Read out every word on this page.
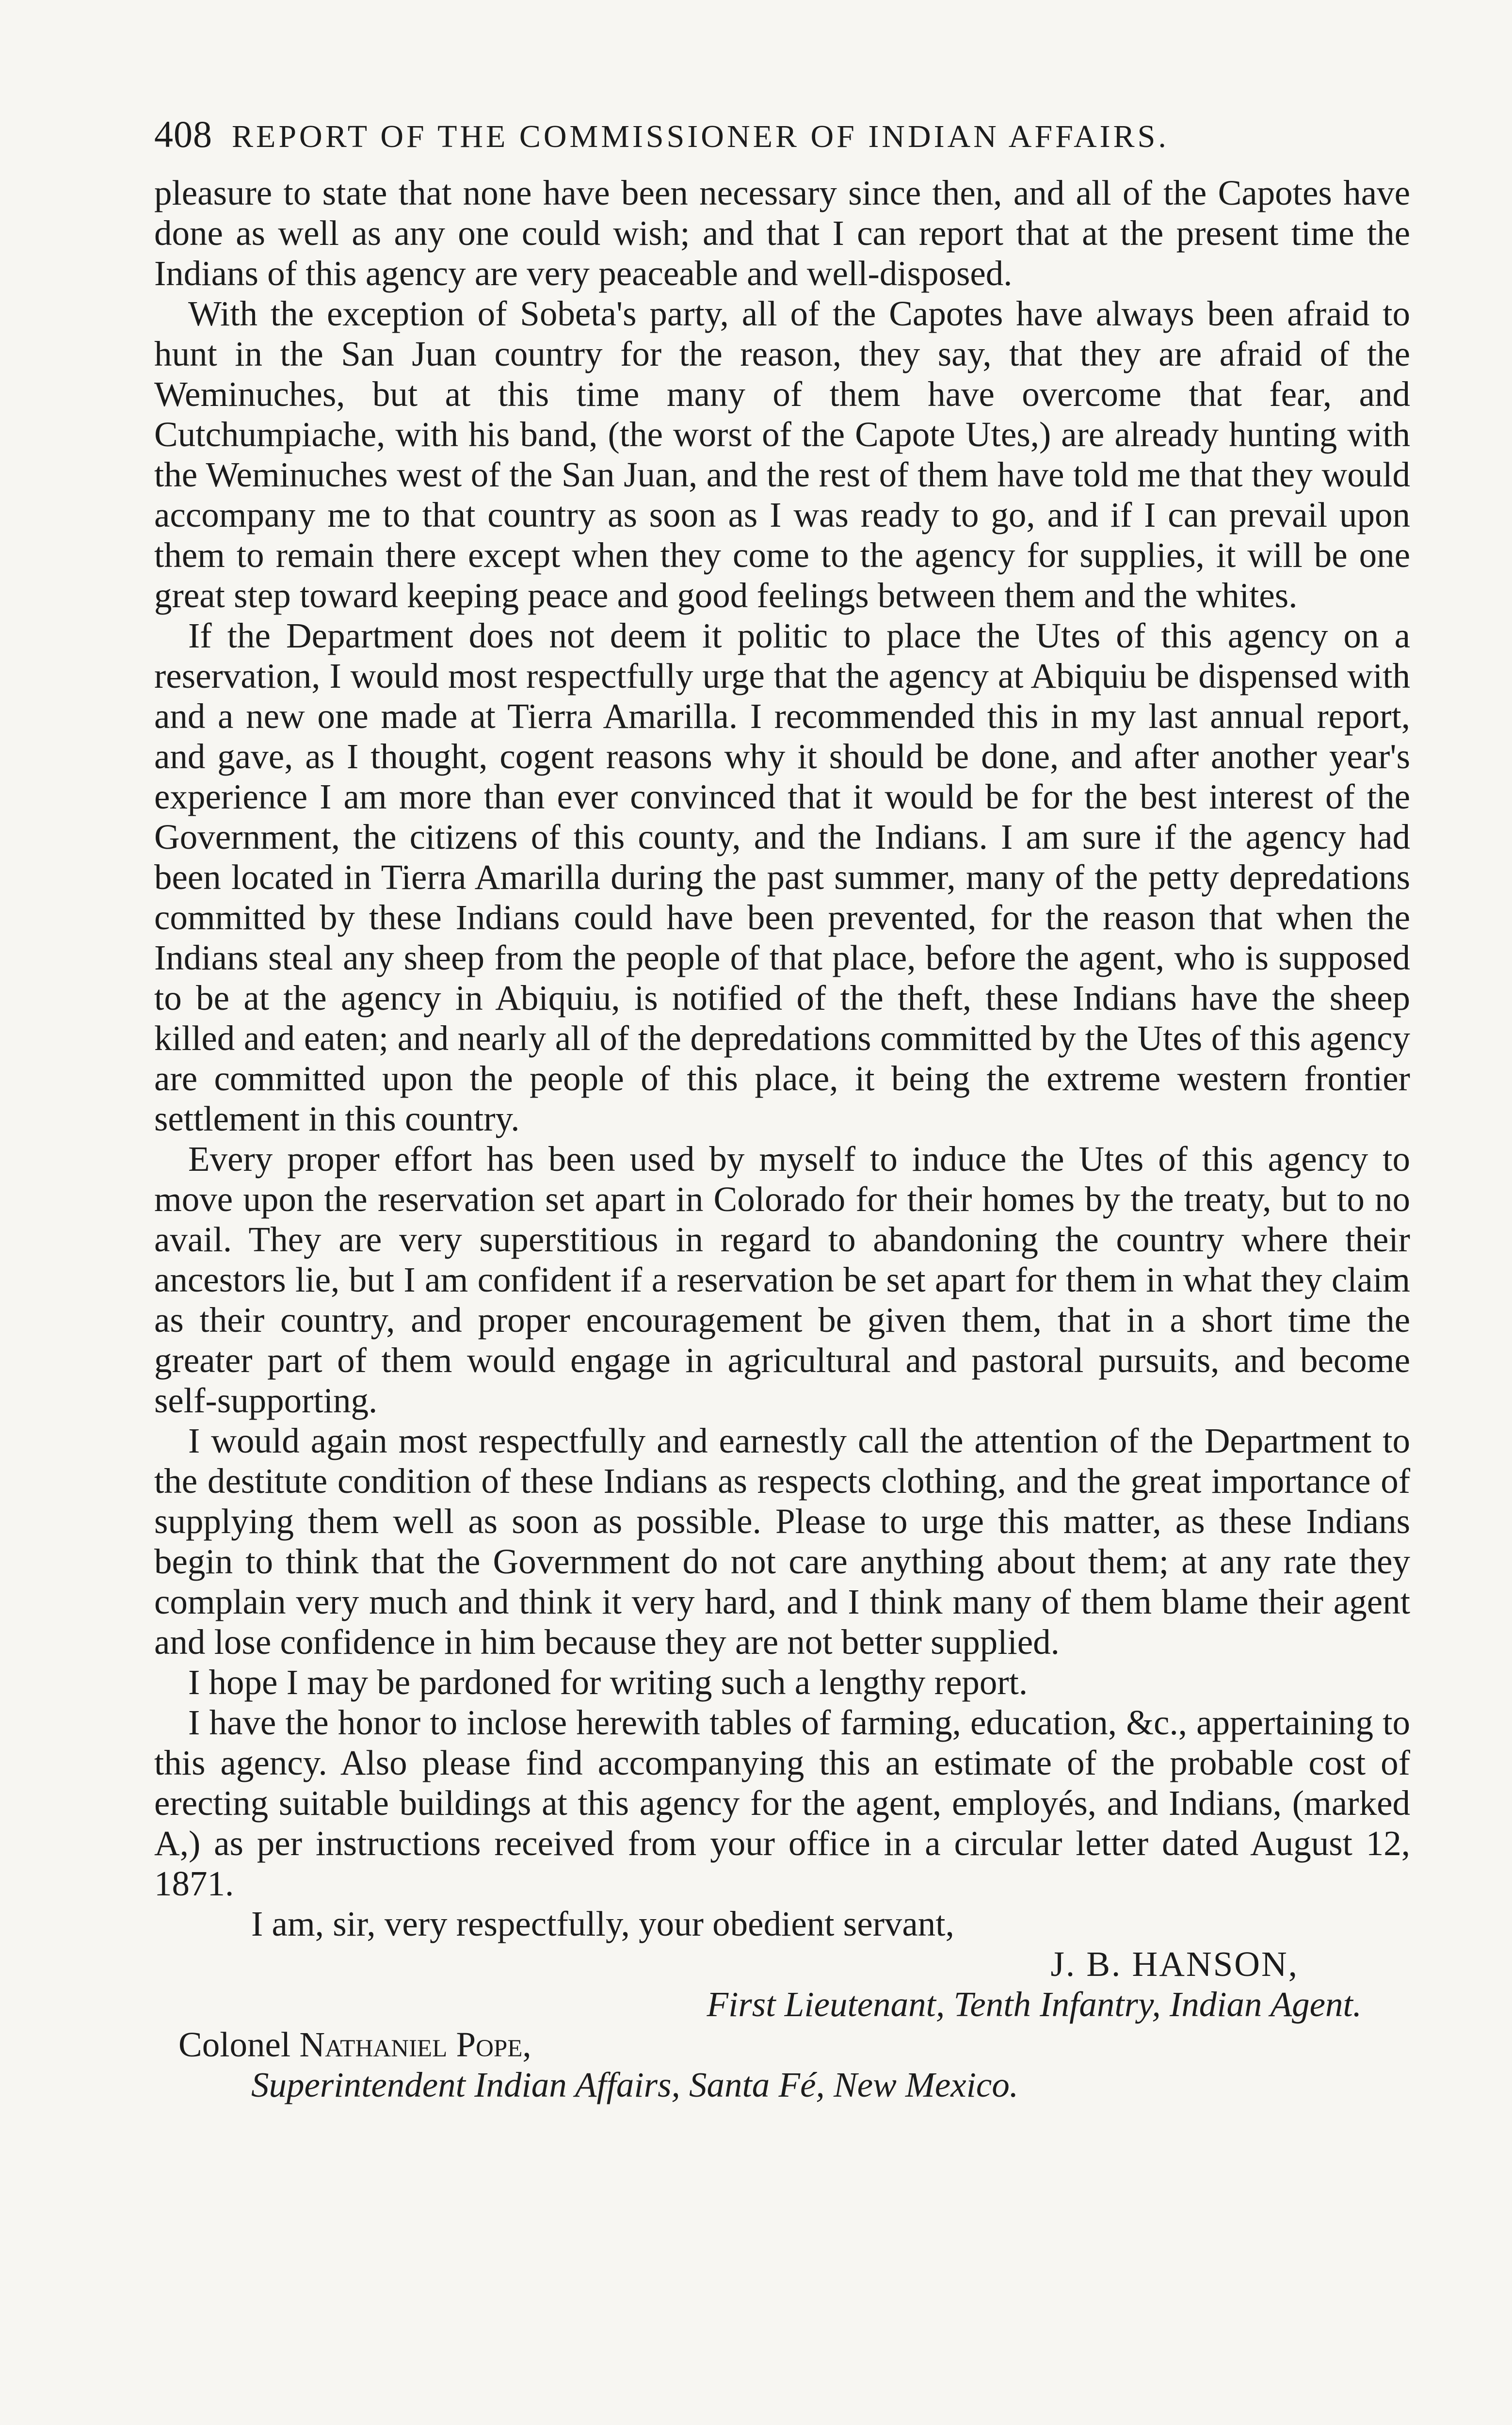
408 REPORT OF THE COMMISSIONER OF INDIAN AFFAIRS.

pleasure to state that none have been necessary since then, and all of the Capotes have done as well as any one could wish; and that I can report that at the present time the Indians of this agency are very peaceable and well-disposed.

With the exception of Sobeta's party, all of the Capotes have always been afraid to hunt in the San Juan country for the reason, they say, that they are afraid of the Weminuches, but at this time many of them have overcome that fear, and Cutchumpiache, with his band, (the worst of the Capote Utes,) are already hunting with the Weminuches west of the San Juan, and the rest of them have told me that they would accompany me to that country as soon as I was ready to go, and if I can prevail upon them to remain there except when they come to the agency for supplies, it will be one great step toward keeping peace and good feelings between them and the whites.

If the Department does not deem it politic to place the Utes of this agency on a reservation, I would most respectfully urge that the agency at Abiquiu be dispensed with and a new one made at Tierra Amarilla. I recommended this in my last annual report, and gave, as I thought, cogent reasons why it should be done, and after another year's experience I am more than ever convinced that it would be for the best interest of the Government, the citizens of this county, and the Indians. I am sure if the agency had been located in Tierra Amarilla during the past summer, many of the petty depredations committed by these Indians could have been prevented, for the reason that when the Indians steal any sheep from the people of that place, before the agent, who is supposed to be at the agency in Abiquiu, is notified of the theft, these Indians have the sheep killed and eaten; and nearly all of the depredations committed by the Utes of this agency are committed upon the people of this place, it being the extreme western frontier settlement in this country.

Every proper effort has been used by myself to induce the Utes of this agency to move upon the reservation set apart in Colorado for their homes by the treaty, but to no avail. They are very superstitious in regard to abandoning the country where their ancestors lie, but I am confident if a reservation be set apart for them in what they claim as their country, and proper encouragement be given them, that in a short time the greater part of them would engage in agricultural and pastoral pursuits, and become self-supporting.

I would again most respectfully and earnestly call the attention of the Department to the destitute condition of these Indians as respects clothing, and the great importance of supplying them well as soon as possible. Please to urge this matter, as these Indians begin to think that the Government do not care anything about them; at any rate they complain very much and think it very hard, and I think many of them blame their agent and lose confidence in him because they are not better supplied.

I hope I may be pardoned for writing such a lengthy report.

I have the honor to inclose herewith tables of farming, education, &c., appertaining to this agency. Also please find accompanying this an estimate of the probable cost of erecting suitable buildings at this agency for the agent, employés, and Indians, (marked A,) as per instructions received from your office in a circular letter dated August 12, 1871.

I am, sir, very respectfully, your obedient servant,
J. B. HANSON,
First Lieutenant, Tenth Infantry, Indian Agent.
Colonel Nathaniel Pope,
Superintendent Indian Affairs, Santa Fé, New Mexico.
